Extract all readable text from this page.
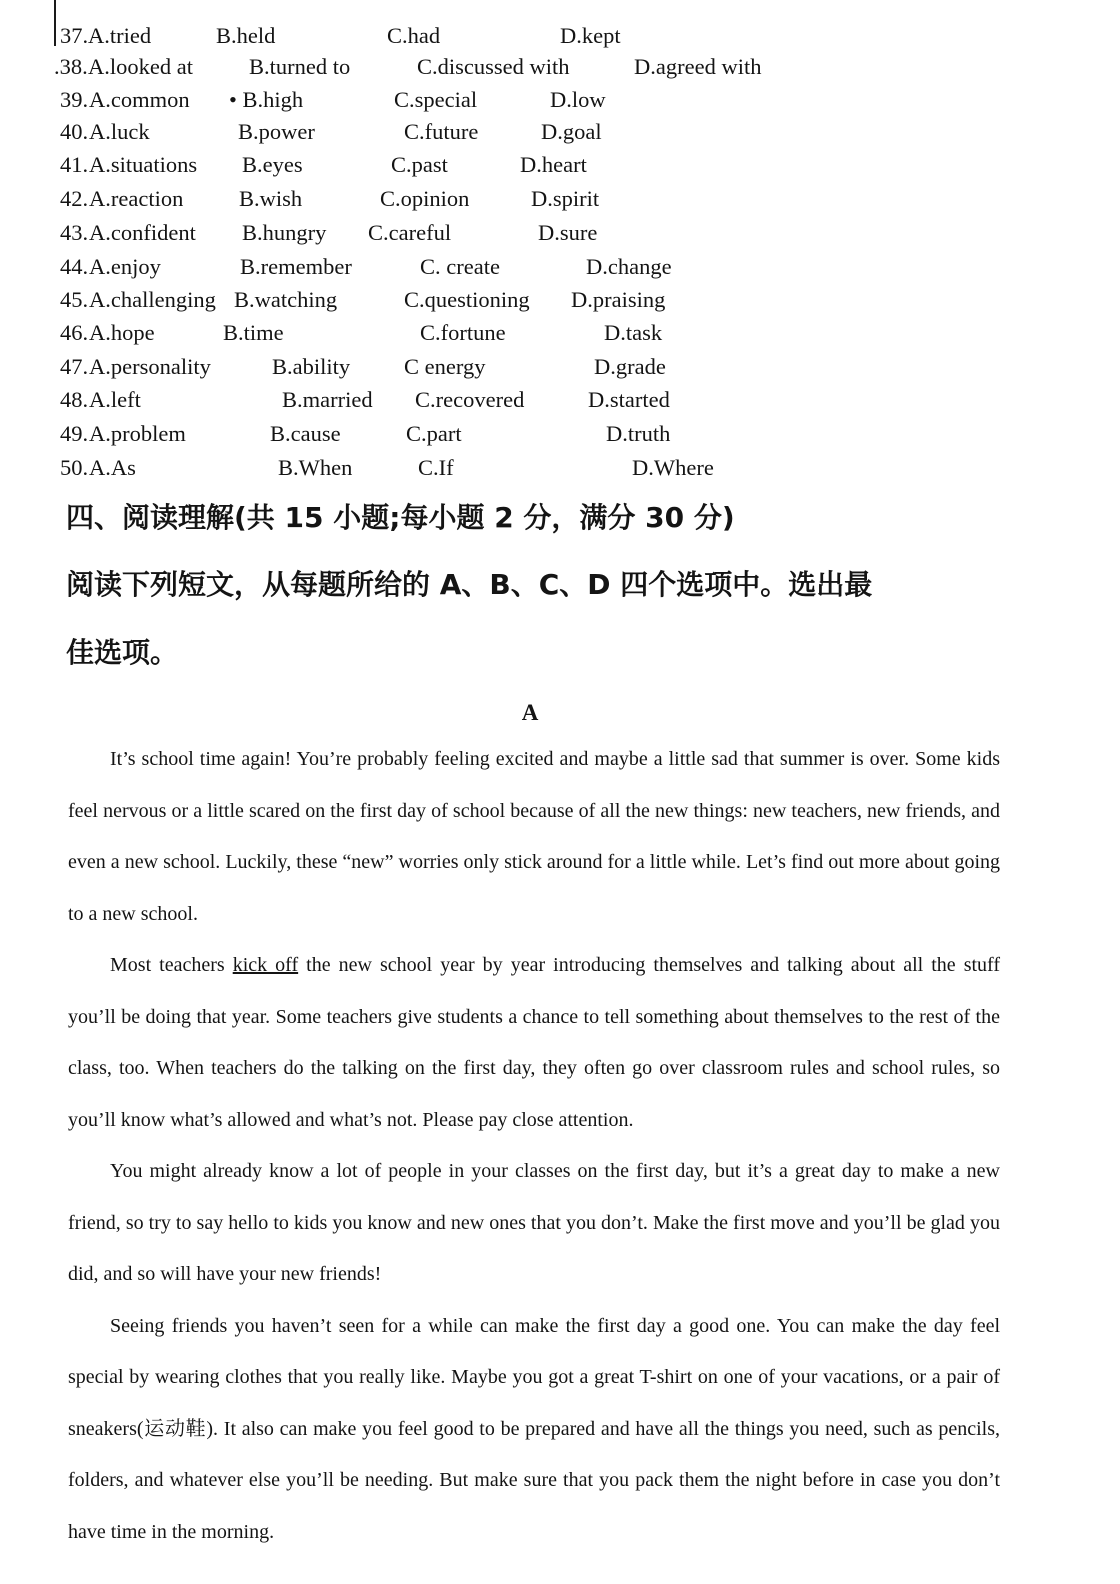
37. A.tried	B.held	C.had	D.kept
.38. A.looked at B.turned to	C.discussed with	D.agreed with
39. A.common • B.high	C.special	D.low
40. A.luck	B.power	C.future	D.goal
41. A.situations B.eyes	C.past	D.heart
42. A.reaction B.wish	C.opinion	D.spirit
43. A.confident B.hungry C.careful	D.sure
44. A.enjoy	B.remember	C. create	D.change
45. A.challenging B.watching	C.questioning D.praising
46. A.hope	B.time	C.fortune	D.task
47. A.personality	B.ability C energy	D.grade
48. A.left	B.married C.recovered	D.started
49. A.problem	B.cause	C.part	D.truth
50. A.As	B.When	C.If	D.Where
四、阅读理解(共 15 小题;每小题 2 分，满分 30 分)
阅读下列短文，从每题所给的 A、B、C、D 四个选项中。选出最
佳选项。
A

It’s school time again! You’re probably feeling excited and maybe a little sad that summer is over. Some kids feel nervous or a little scared on the first day of school because of all the new things: new teachers, new friends, and even a new school. Luckily, these “new” worries only stick around for a little while. Let’s find out more about going to a new school.

Most teachers kick off the new school year by year introducing themselves and talking about all the stuff you’ll be doing that year. Some teachers give students a chance to tell something about themselves to the rest of the class, too. When teachers do the talking on the first day, they often go over classroom rules and school rules, so you’ll know what’s allowed and what’s not. Please pay close attention.

You might already know a lot of people in your classes on the first day, but it’s a great day to make a new friend, so try to say hello to kids you know and new ones that you don’t. Make the first move and you’ll be glad you did, and so will have your new friends!

Seeing friends you haven’t seen for a while can make the first day a good one. You can make the day feel special by wearing clothes that you really like. Maybe you got a great T-shirt on one of your vacations, or a pair of sneakers(运动鞋). It also can make you feel good to be prepared and have all the things you need, such as pencils, folders, and whatever else you’ll be needing. But make sure that you pack them the night before in case you don’t have time in the morning.
